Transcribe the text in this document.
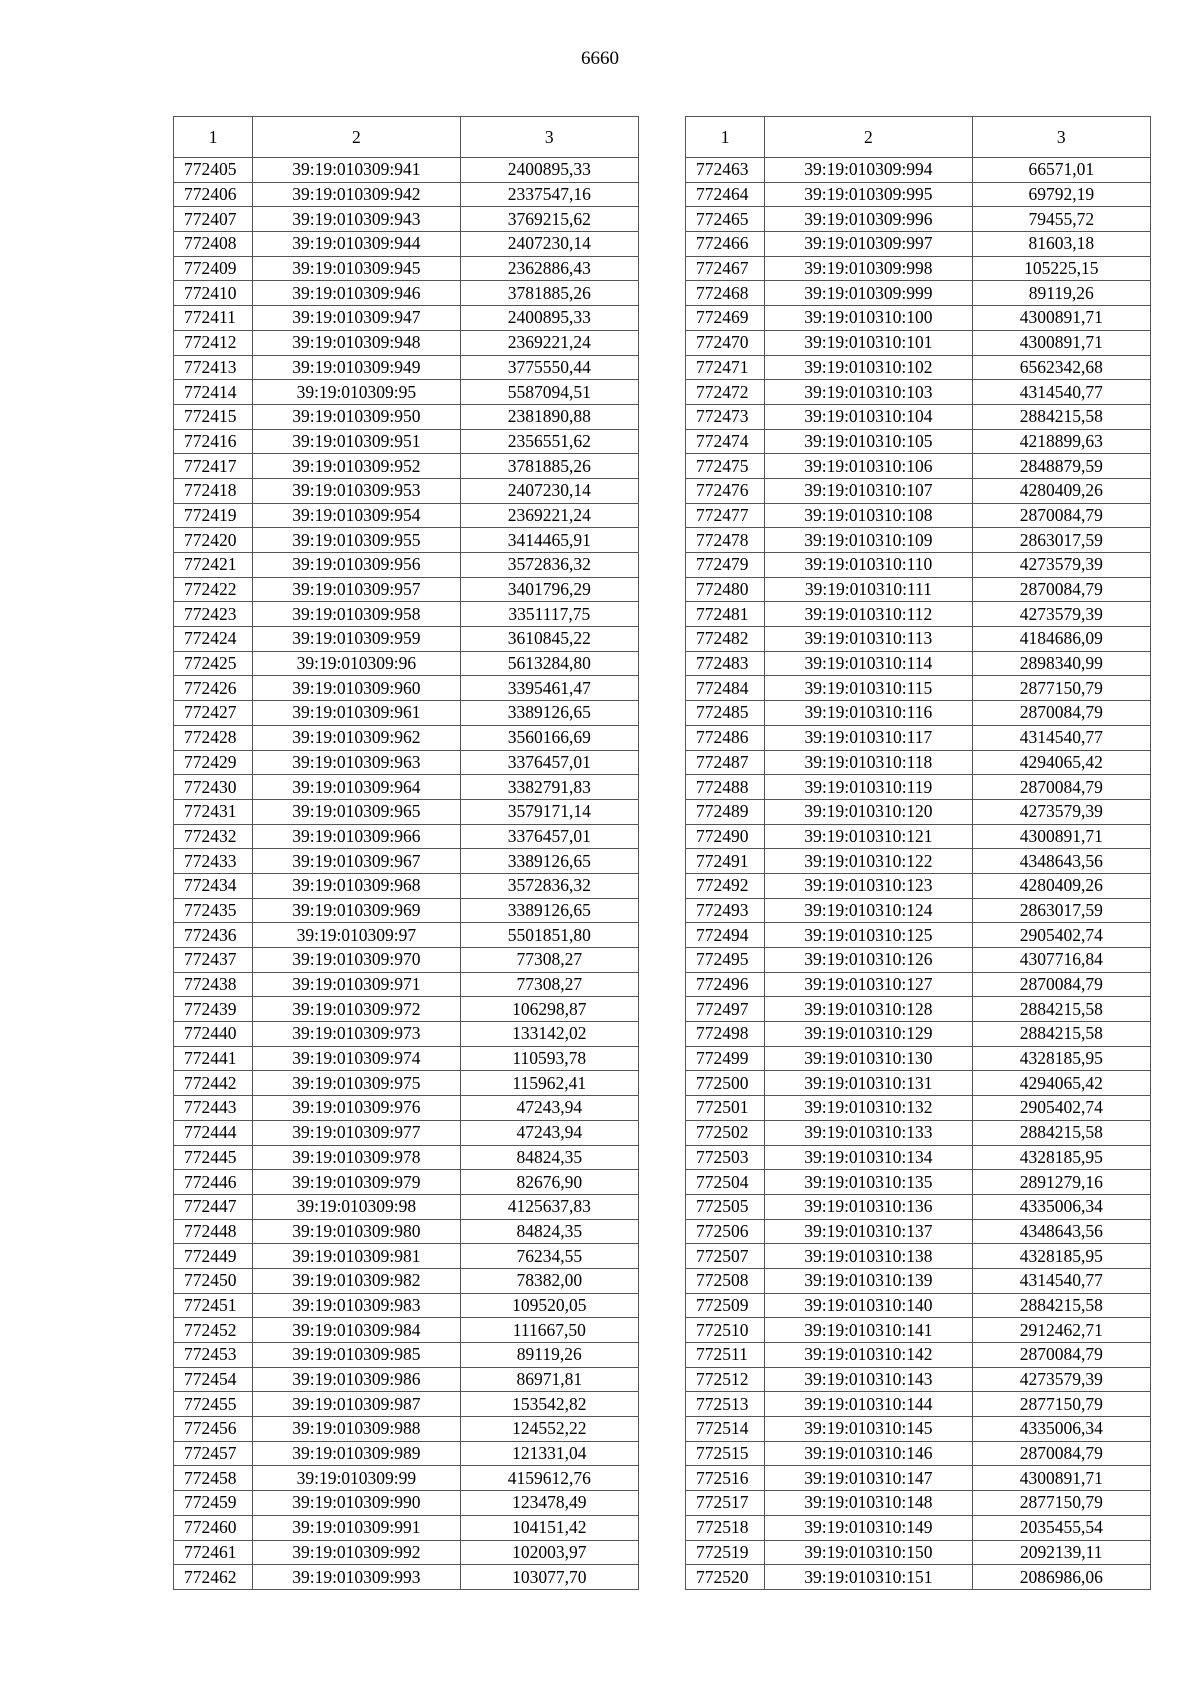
6660
1	2	3
772405	39:19:010309:941	2400895,33
772406	39:19:010309:942	2337547,16
772407	39:19:010309:943	3769215,62
772408	39:19:010309:944	2407230,14
772409	39:19:010309:945	2362886,43
772410	39:19:010309:946	3781885,26
772411	39:19:010309:947	2400895,33
772412	39:19:010309:948	2369221,24
772413	39:19:010309:949	3775550,44
772414	39:19:010309:95	5587094,51
772415	39:19:010309:950	2381890,88
772416	39:19:010309:951	2356551,62
772417	39:19:010309:952	3781885,26
772418	39:19:010309:953	2407230,14
772419	39:19:010309:954	2369221,24
772420	39:19:010309:955	3414465,91
772421	39:19:010309:956	3572836,32
772422	39:19:010309:957	3401796,29
772423	39:19:010309:958	3351117,75
772424	39:19:010309:959	3610845,22
772425	39:19:010309:96	5613284,80
772426	39:19:010309:960	3395461,47
772427	39:19:010309:961	3389126,65
772428	39:19:010309:962	3560166,69
772429	39:19:010309:963	3376457,01
772430	39:19:010309:964	3382791,83
772431	39:19:010309:965	3579171,14
772432	39:19:010309:966	3376457,01
772433	39:19:010309:967	3389126,65
772434	39:19:010309:968	3572836,32
772435	39:19:010309:969	3389126,65
772436	39:19:010309:97	5501851,80
772437	39:19:010309:970	77308,27
772438	39:19:010309:971	77308,27
772439	39:19:010309:972	106298,87
772440	39:19:010309:973	133142,02
772441	39:19:010309:974	110593,78
772442	39:19:010309:975	115962,41
772443	39:19:010309:976	47243,94
772444	39:19:010309:977	47243,94
772445	39:19:010309:978	84824,35
772446	39:19:010309:979	82676,90
772447	39:19:010309:98	4125637,83
772448	39:19:010309:980	84824,35
772449	39:19:010309:981	76234,55
772450	39:19:010309:982	78382,00
772451	39:19:010309:983	109520,05
772452	39:19:010309:984	111667,50
772453	39:19:010309:985	89119,26
772454	39:19:010309:986	86971,81
772455	39:19:010309:987	153542,82
772456	39:19:010309:988	124552,22
772457	39:19:010309:989	121331,04
772458	39:19:010309:99	4159612,76
772459	39:19:010309:990	123478,49
772460	39:19:010309:991	104151,42
772461	39:19:010309:992	102003,97
772462	39:19:010309:993	103077,70
1	2	3
772463	39:19:010309:994	66571,01
772464	39:19:010309:995	69792,19
772465	39:19:010309:996	79455,72
772466	39:19:010309:997	81603,18
772467	39:19:010309:998	105225,15
772468	39:19:010309:999	89119,26
772469	39:19:010310:100	4300891,71
772470	39:19:010310:101	4300891,71
772471	39:19:010310:102	6562342,68
772472	39:19:010310:103	4314540,77
772473	39:19:010310:104	2884215,58
772474	39:19:010310:105	4218899,63
772475	39:19:010310:106	2848879,59
772476	39:19:010310:107	4280409,26
772477	39:19:010310:108	2870084,79
772478	39:19:010310:109	2863017,59
772479	39:19:010310:110	4273579,39
772480	39:19:010310:111	2870084,79
772481	39:19:010310:112	4273579,39
772482	39:19:010310:113	4184686,09
772483	39:19:010310:114	2898340,99
772484	39:19:010310:115	2877150,79
772485	39:19:010310:116	2870084,79
772486	39:19:010310:117	4314540,77
772487	39:19:010310:118	4294065,42
772488	39:19:010310:119	2870084,79
772489	39:19:010310:120	4273579,39
772490	39:19:010310:121	4300891,71
772491	39:19:010310:122	4348643,56
772492	39:19:010310:123	4280409,26
772493	39:19:010310:124	2863017,59
772494	39:19:010310:125	2905402,74
772495	39:19:010310:126	4307716,84
772496	39:19:010310:127	2870084,79
772497	39:19:010310:128	2884215,58
772498	39:19:010310:129	2884215,58
772499	39:19:010310:130	4328185,95
772500	39:19:010310:131	4294065,42
772501	39:19:010310:132	2905402,74
772502	39:19:010310:133	2884215,58
772503	39:19:010310:134	4328185,95
772504	39:19:010310:135	2891279,16
772505	39:19:010310:136	4335006,34
772506	39:19:010310:137	4348643,56
772507	39:19:010310:138	4328185,95
772508	39:19:010310:139	4314540,77
772509	39:19:010310:140	2884215,58
772510	39:19:010310:141	2912462,71
772511	39:19:010310:142	2870084,79
772512	39:19:010310:143	4273579,39
772513	39:19:010310:144	2877150,79
772514	39:19:010310:145	4335006,34
772515	39:19:010310:146	2870084,79
772516	39:19:010310:147	4300891,71
772517	39:19:010310:148	2877150,79
772518	39:19:010310:149	2035455,54
772519	39:19:010310:150	2092139,11
772520	39:19:010310:151	2086986,06
